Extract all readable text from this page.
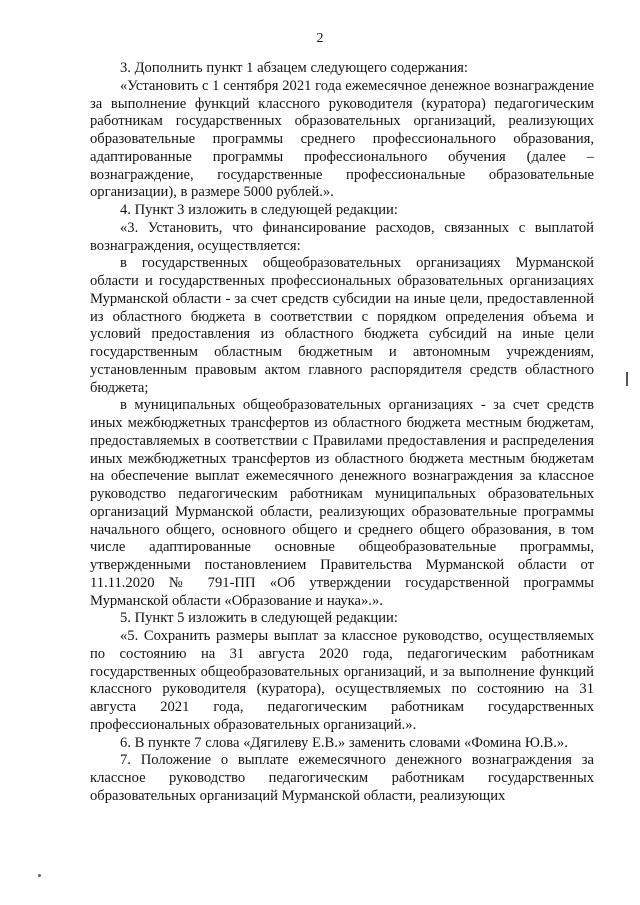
2

3. Дополнить пункт 1 абзацем следующего содержания:

«Установить с 1 сентября 2021 года ежемесячное денежное вознаграждение за выполнение функций классного руководителя (куратора) педагогическим работникам государственных образовательных организаций, реализующих образовательные программы среднего профессионального образования, адаптированные программы профессионального обучения (далее – вознаграждение, государственные профессиональные образовательные организации), в размере 5000 рублей.».

4. Пункт 3 изложить в следующей редакции:

«3. Установить, что финансирование расходов, связанных с выплатой вознаграждения, осуществляется:

в государственных общеобразовательных организациях Мурманской области и государственных профессиональных образовательных организациях Мурманской области - за счет средств субсидии на иные цели, предоставленной из областного бюджета в соответствии с порядком определения объема и условий предоставления из областного бюджета субсидий на иные цели государственным областным бюджетным и автономным учреждениям, установленным правовым актом главного распорядителя средств областного бюджета;

в муниципальных общеобразовательных организациях - за счет средств иных межбюджетных трансфертов из областного бюджета местным бюджетам, предоставляемых в соответствии с Правилами предоставления и распределения иных межбюджетных трансфертов из областного бюджета местным бюджетам на обеспечение выплат ежемесячного денежного вознаграждения за классное руководство педагогическим работникам муниципальных образовательных организаций Мурманской области, реализующих образовательные программы начального общего, основного общего и среднего общего образования, в том числе адаптированные основные общеобразовательные программы, утвержденными постановлением Правительства Мурманской области от 11.11.2020 № 791-ПП «Об утверждении государственной программы Мурманской области «Образование и наука».».

5. Пункт 5 изложить в следующей редакции:

«5. Сохранить размеры выплат за классное руководство, осуществляемых по состоянию на 31 августа 2020 года, педагогическим работникам государственных общеобразовательных организаций, и за выполнение функций классного руководителя (куратора), осуществляемых по состоянию на 31 августа 2021 года, педагогическим работникам государственных профессиональных образовательных организаций.».

6. В пункте 7 слова «Дягилеву Е.В.» заменить словами «Фомина Ю.В.».

7. Положение о выплате ежемесячного денежного вознаграждения за классное руководство педагогическим работникам государственных образовательных организаций Мурманской области, реализующих
